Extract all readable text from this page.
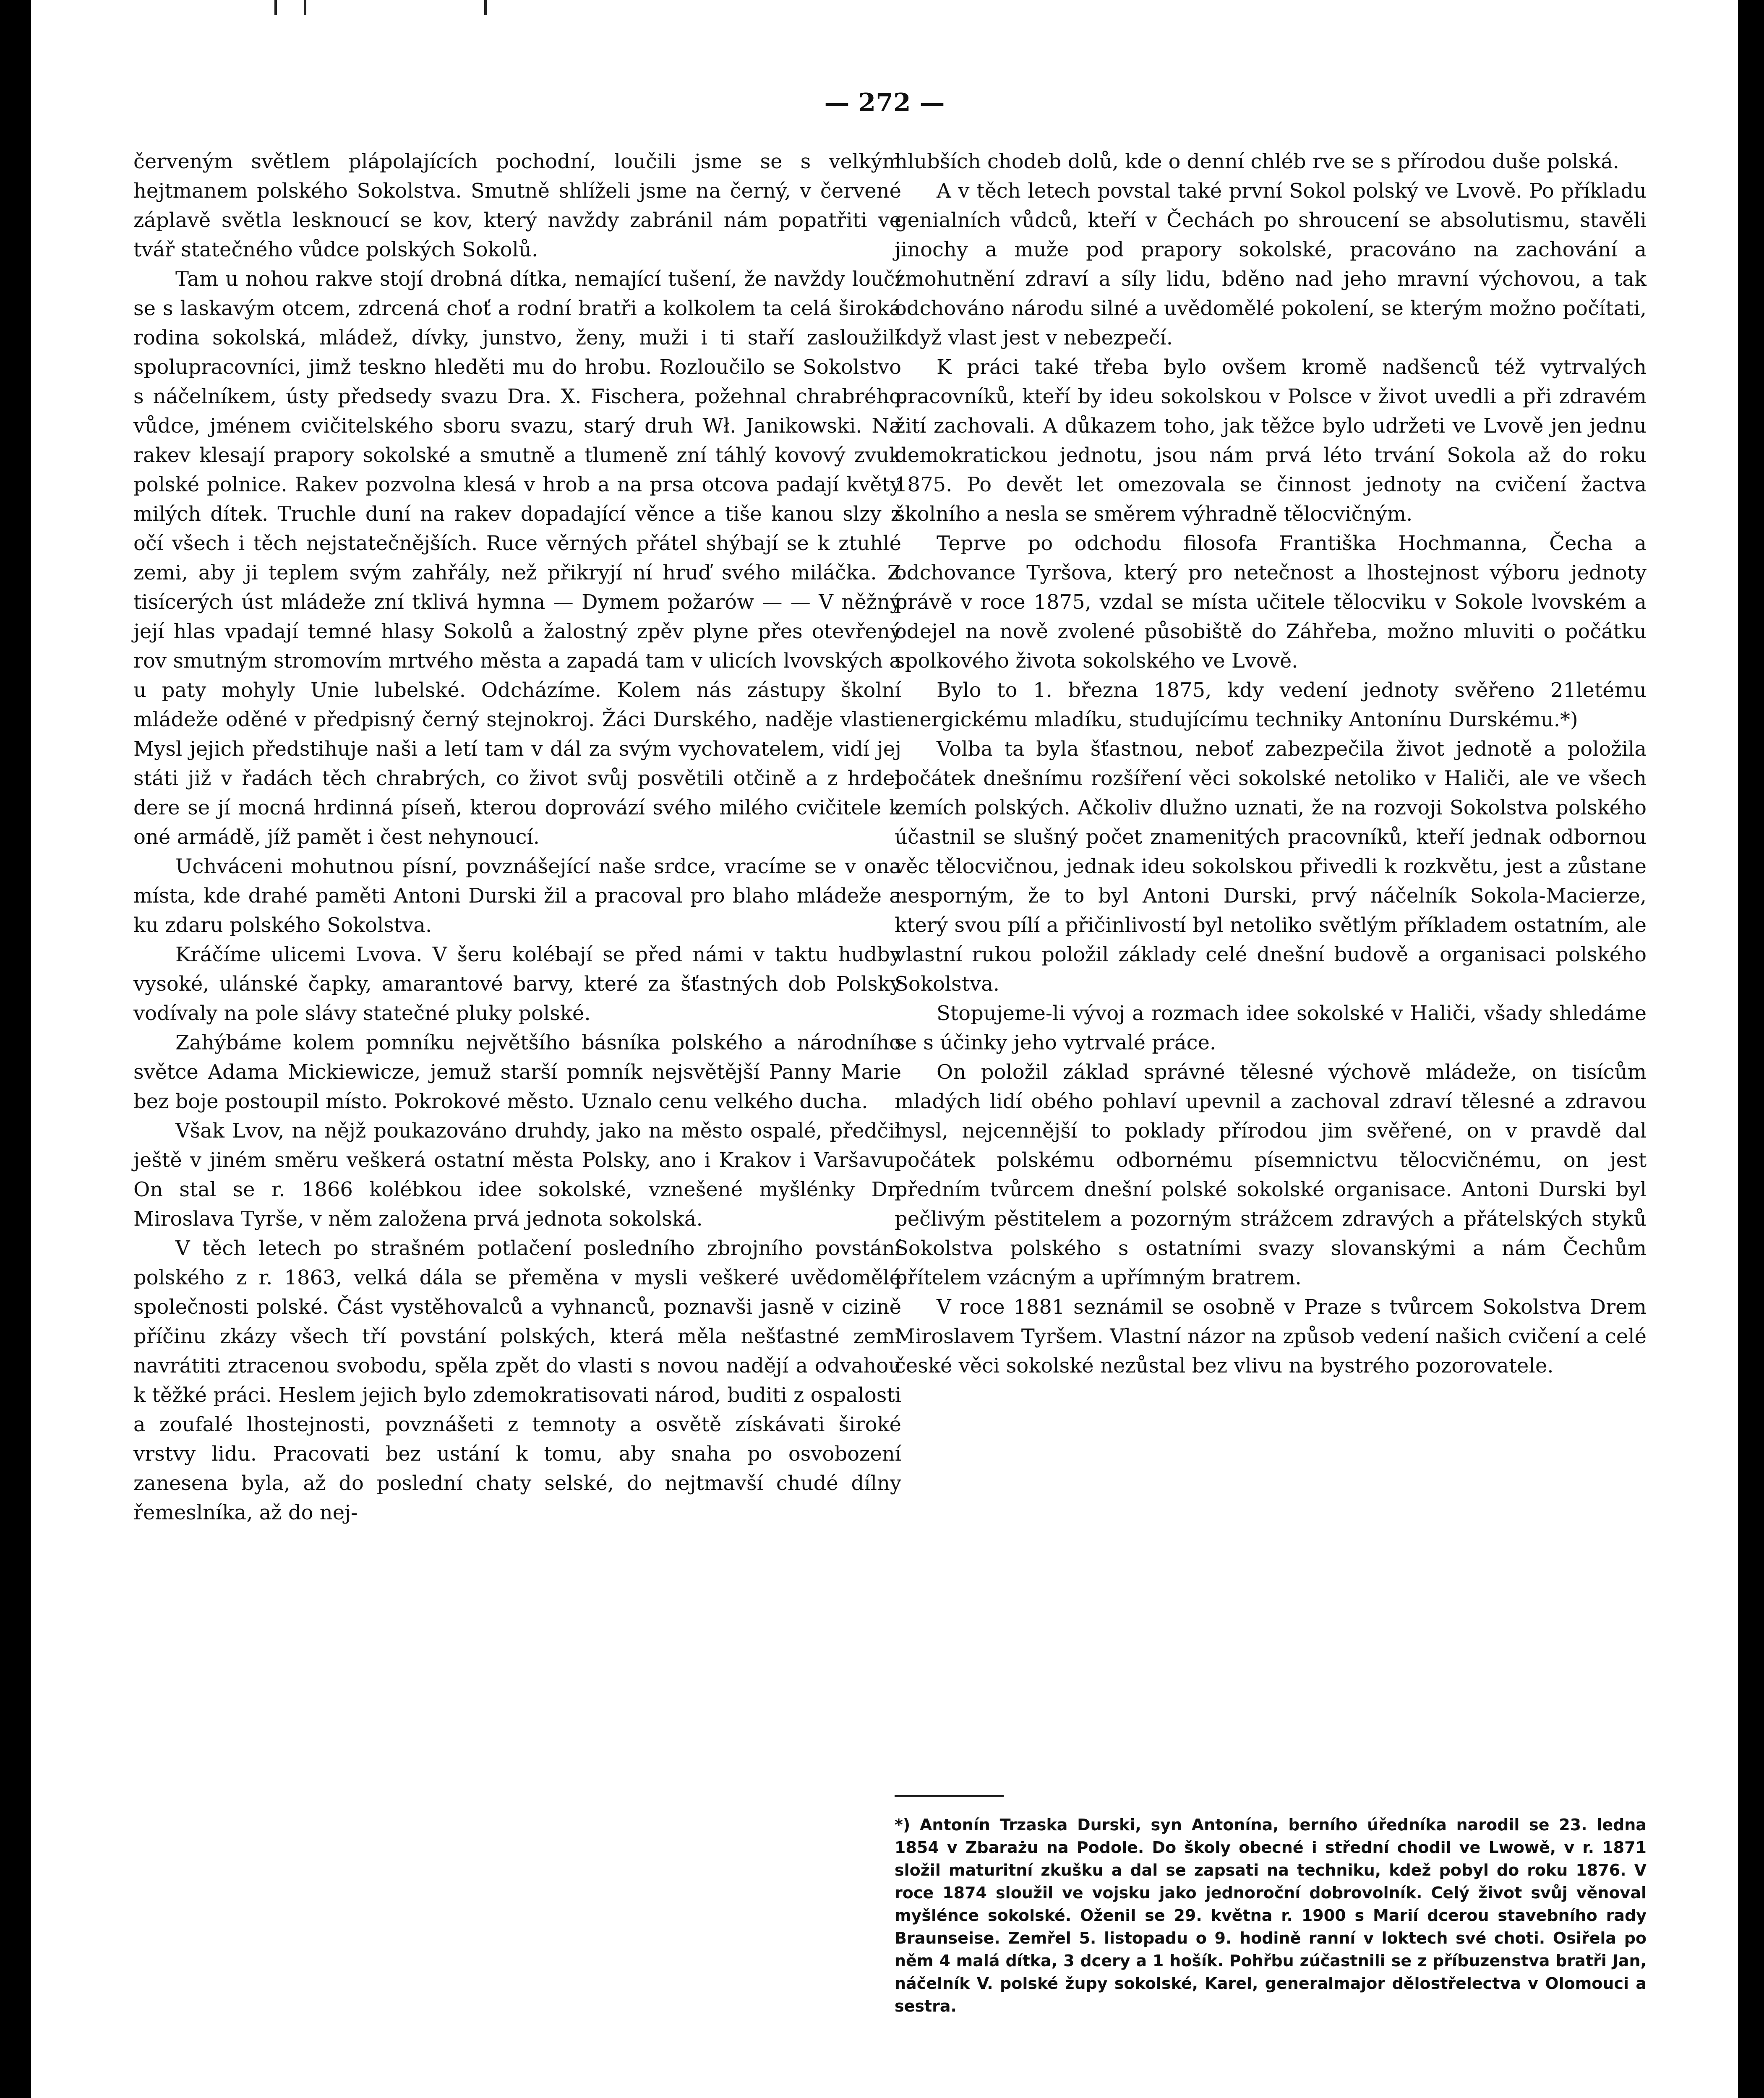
— 272 —

červeným světlem plápolajících pochodní, loučili jsme se s velkým hejtmanem polského Sokolstva. Smutně shlíželi jsme na černý, v červené záplavě světla lesknoucí se kov, který navždy zabránil nám popatřiti ve tvář statečného vůdce polských Sokolů.

Tam u nohou rakve stojí drobná dítka, nemající tušení, že navždy loučí se s laskavým otcem, zdrcená choť a rodní bratři a kolkolem ta celá široká rodina sokolská, mládež, dívky, junstvo, ženy, muži i ti staří zasloužilí spolupracovníci, jimž teskno hleděti mu do hrobu. Rozloučilo se Sokolstvo s náčelníkem, ústy předsedy svazu Dra. X. Fischera, požehnal chrabrého vůdce, jménem cvičitelského sboru svazu, starý druh Wł. Janikowski. Na rakev klesají prapory sokolské a smutně a tlumeně zní táhlý kovový zvuk polské polnice. Rakev pozvolna klesá v hrob a na prsa otcova padají květy milých dítek. Truchle duní na rakev dopadající věnce a tiše kanou slzy z očí všech i těch nejstatečnějších. Ruce věrných přátel shýbají se k ztuhlé zemi, aby ji teplem svým zahřály, než přikryjí ní hruď svého miláčka. Z tisícerých úst mládeže zní tklivá hymna — Dymem požarów — — V něžný její hlas vpadají temné hlasy Sokolů a žalostný zpěv plyne přes otevřený rov smutným stromovím mrtvého města a zapadá tam v ulicích lvovských a u paty mohyly Unie lubelské. Odcházíme. Kolem nás zástupy školní mládeže oděné v předpisný černý stejnokroj. Žáci Durského, naděje vlasti. Mysl jejich předstihuje naši a letí tam v dál za svým vychovatelem, vidí jej státi již v řadách těch chrabrých, co život svůj posvětili otčině a z hrdel dere se jí mocná hrdinná píseň, kterou doprovází svého milého cvičitele k oné armádě, jíž pamět i čest nehynoucí.

Uchváceni mohutnou písní, povznášející naše srdce, vracíme se v ona místa, kde drahé paměti Antoni Durski žil a pracoval pro blaho mládeže a ku zdaru polského Sokolstva.

Kráčíme ulicemi Lvova. V šeru kolébají se před námi v taktu hudby vysoké, ulánské čapky, amarantové barvy, které za šťastných dob Polsky vodívaly na pole slávy statečné pluky polské.

Zahýbáme kolem pomníku největšího básníka polského a národního světce Adama Mickiewicze, jemuž starší pomník nejsvětější Panny Marie bez boje postoupil místo. Pokrokové město. Uznalo cenu velkého ducha.

Však Lvov, na nějž poukazováno druhdy, jako na město ospalé, předčil ještě v jiném směru veškerá ostatní města Polsky, ano i Krakov i Varšavu. On stal se r. 1866 kolébkou idee sokolské, vznešené myšlénky Dr. Miroslava Tyrše, v něm založena prvá jednota sokolská.

V těch letech po strašném potlačení posledního zbrojního povstání polského z r. 1863, velká dála se přeměna v mysli veškeré uvědomělé společnosti polské. Část vystěhovalců a vyhnanců, poznavši jasně v cizině příčinu zkázy všech tří povstání polských, která měla nešťastné zemi navrátiti ztracenou svobodu, spěla zpět do vlasti s novou nadějí a odvahou k těžké práci. Heslem jejich bylo zdemokratisovati národ, buditi z ospalosti a zoufalé lhostejnosti, povznášeti z temnoty a osvětě získávati široké vrstvy lidu. Pracovati bez ustání k tomu, aby snaha po osvobození zanesena byla, až do poslední chaty selské, do nejtmavší chudé dílny řemeslníka, až do nej-

hlubších chodeb dolů, kde o denní chléb rve se s přírodou duše polská.

A v těch letech povstal také první Sokol polský ve Lvově. Po příkladu genialních vůdců, kteří v Čechách po shroucení se absolutismu, stavěli jinochy a muže pod prapory sokolské, pracováno na zachování a zmohutnění zdraví a síly lidu, bděno nad jeho mravní výchovou, a tak odchováno národu silné a uvědomělé pokolení, se kterým možno počítati, když vlast jest v nebezpečí.

K práci také třeba bylo ovšem kromě nadšenců též vytrvalých pracovníků, kteří by ideu sokolskou v Polsce v život uvedli a při zdravém žití zachovali. A důkazem toho, jak těžce bylo udržeti ve Lvově jen jednu demokratickou jednotu, jsou nám prvá léto trvání Sokola až do roku 1875. Po devět let omezovala se činnost jednoty na cvičení žactva školního a nesla se směrem výhradně tělocvičným.

Teprve po odchodu filosofa Františka Hochmanna, Čecha a odchovance Tyršova, který pro netečnost a lhostejnost výboru jednoty právě v roce 1875, vzdal se místa učitele tělocviku v Sokole lvovském a odejel na nově zvolené působiště do Záhřeba, možno mluviti o počátku spolkového života sokolského ve Lvově.

Bylo to 1. března 1875, kdy vedení jednoty svěřeno 21letému energickému mladíku, studujícímu techniky Antonínu Durskému.*)

Volba ta byla šťastnou, neboť zabezpečila život jednotě a položila počátek dnešnímu rozšíření věci sokolské netoliko v Haliči, ale ve všech zemích polských. Ačkoliv dlužno uznati, že na rozvoji Sokolstva polského účastnil se slušný počet znamenitých pracovníků, kteří jednak odbornou věc tělocvičnou, jednak ideu sokolskou přivedli k rozkvětu, jest a zůstane nesporným, že to byl Antoni Durski, prvý náčelník Sokola-Macierze, který svou pílí a přičinlivostí byl netoliko světlým příkladem ostatním, ale vlastní rukou položil základy celé dnešní budově a organisaci polského Sokolstva.

Stopujeme-li vývoj a rozmach idee sokolské v Haliči, všady shledáme se s účinky jeho vytrvalé práce.

On položil základ správné tělesné výchově mládeže, on tisícům mladých lidí obého pohlaví upevnil a zachoval zdraví tělesné a zdravou mysl, nejcennější to poklady přírodou jim svěřené, on v pravdě dal počátek polskému odbornému písemnictvu tělocvičnému, on jest předním tvůrcem dnešní polské sokolské organisace. Antoni Durski byl pečlivým pěstitelem a pozorným strážcem zdravých a přátelských styků Sokolstva polského s ostatními svazy slovanskými a nám Čechům přítelem vzácným a upřímným bratrem.

V roce 1881 seznámil se osobně v Praze s tvůrcem Sokolstva Drem Miroslavem Tyršem. Vlastní názor na způsob vedení našich cvičení a celé české věci sokolské nezůstal bez vlivu na bystrého pozorovatele.

*) Antonín Trzaska Durski, syn Antonína, berního úředníka narodil se 23. ledna 1854 v Zbarażu na Podole. Do školy obecné i střední chodil ve Lwowě, v r. 1871 složil maturitní zkušku a dal se zapsati na techniku, kdež pobyl do roku 1876. V roce 1874 sloužil ve vojsku jako jednoroční dobrovolník. Celý život svůj věnoval myšlénce sokolské. Oženil se 29. května r. 1900 s Marií dcerou stavebního rady Braunseise. Zemřel 5. listopadu o 9. hodině ranní v loktech své choti. Osiřela po něm 4 malá dítka, 3 dcery a 1 hošík. Pohřbu zúčastnili se z příbuzenstva bratři Jan, náčelník V. polské župy sokolské, Karel, generalmajor dělostřelectva v Olomouci a sestra.
